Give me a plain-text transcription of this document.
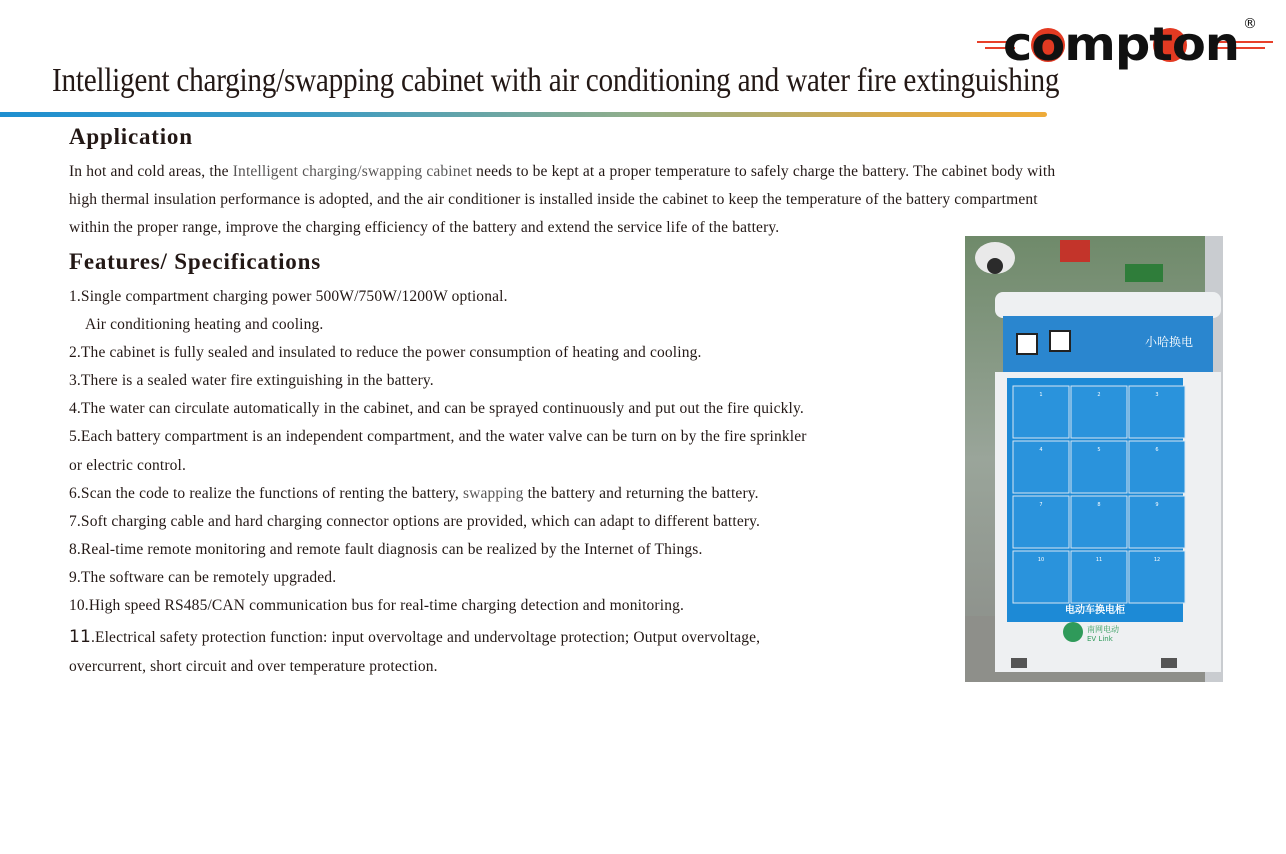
compton ®
Intelligent charging/swapping cabinet with air conditioning and water fire extinguishing
Application

In hot and cold areas, the Intelligent charging/swapping cabinet needs to be kept at a proper temperature to safely charge the battery. The cabinet body with

high thermal insulation performance is adopted, and the air conditioner is installed inside the cabinet to keep the temperature of the battery compartment

within the proper range, improve the charging efficiency of the battery and extend the service life of the battery.

Features/ Specifications

1.Single compartment charging power 500W/750W/1200W optional.

Air conditioning heating and cooling.

2.The cabinet is fully sealed and insulated to reduce the power consumption of heating and cooling.

3.There is a sealed water fire extinguishing in the battery.

4.The water can circulate automatically in the cabinet, and can be sprayed continuously and put out the fire quickly.

5.Each battery compartment is an independent compartment, and the water valve can be turn on by the fire sprinkler

or electric control.

6.Scan the code to realize the functions of renting the battery, swapping the battery and returning the battery.

7.Soft charging cable and hard charging connector options are provided, which can adapt to different battery.

8.Real-time remote monitoring and remote fault diagnosis can be realized by the Internet of Things.

9.The software can be remotely upgraded.

10.High speed RS485/CAN communication bus for real-time charging detection and monitoring.

11.Electrical safety protection function: input overvoltage and undervoltage protection; Output overvoltage,

overcurrent, short circuit and over temperature protection.

小哈换电
1	2	3
4	5	6
7	8	9
10	11	12
电动车换电柜
南网电动
EV Link
